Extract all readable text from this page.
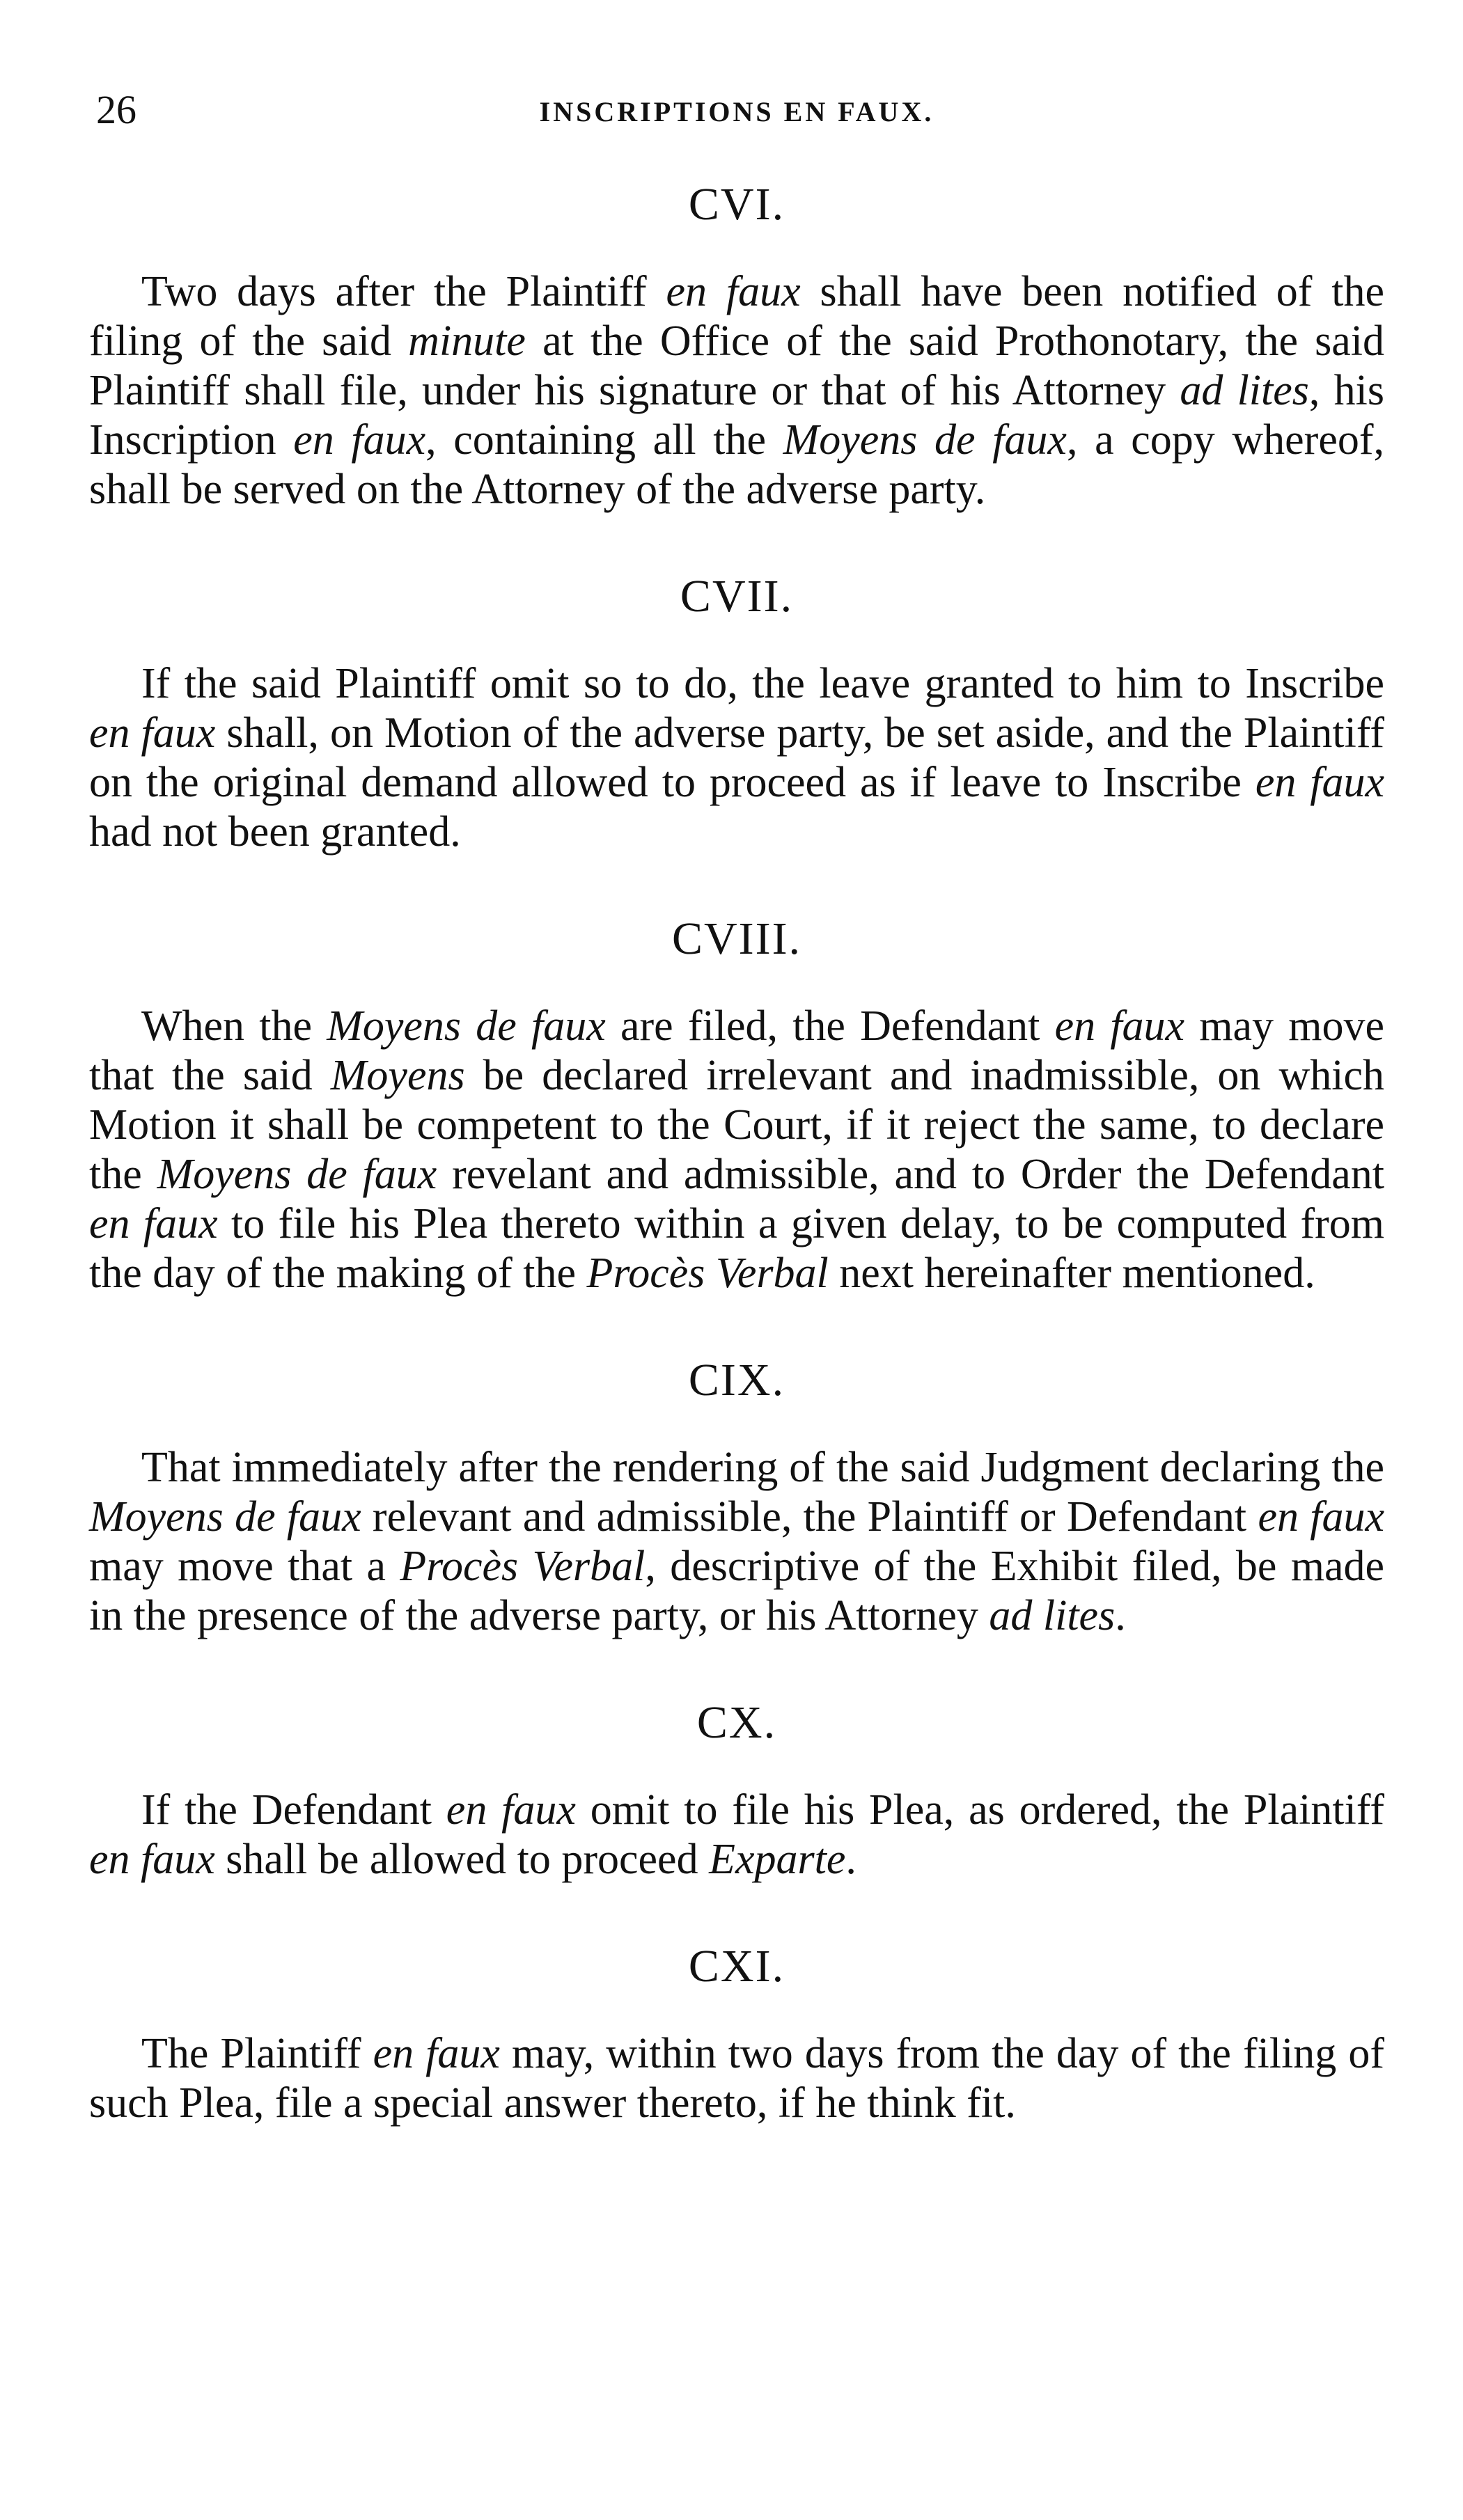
26	INSCRIPTIONS EN FAUX.
CVI.

Two days after the Plaintiff en faux shall have been notified of the filing of the said minute at the Office of the said Prothonotary, the said Plaintiff shall file, under his signature or that of his Attorney ad lites, his Inscription en faux, containing all the Moyens de faux, a copy whereof, shall be served on the Attorney of the adverse party.

CVII.

If the said Plaintiff omit so to do, the leave granted to him to Inscribe en faux shall, on Motion of the adverse party, be set aside, and the Plaintiff on the original demand allowed to proceed as if leave to Inscribe en faux had not been granted.

CVIII.

When the Moyens de faux are filed, the Defendant en faux may move that the said Moyens be declared irrelevant and inadmissible, on which Motion it shall be competent to the Court, if it reject the same, to declare the Moyens de faux revelant and admissible, and to Order the Defendant en faux to file his Plea thereto within a given delay, to be computed from the day of the making of the Procès Verbal next hereinafter mentioned.

CIX.

That immediately after the rendering of the said Judgment declaring the Moyens de faux relevant and admissible, the Plaintiff or Defendant en faux may move that a Procès Verbal, descriptive of the Exhibit filed, be made in the presence of the adverse party, or his Attorney ad lites.

CX.

If the Defendant en faux omit to file his Plea, as ordered, the Plaintiff en faux shall be allowed to proceed Exparte.

CXI.

The Plaintiff en faux may, within two days from the day of the filing of such Plea, file a special answer thereto, if he think fit.
